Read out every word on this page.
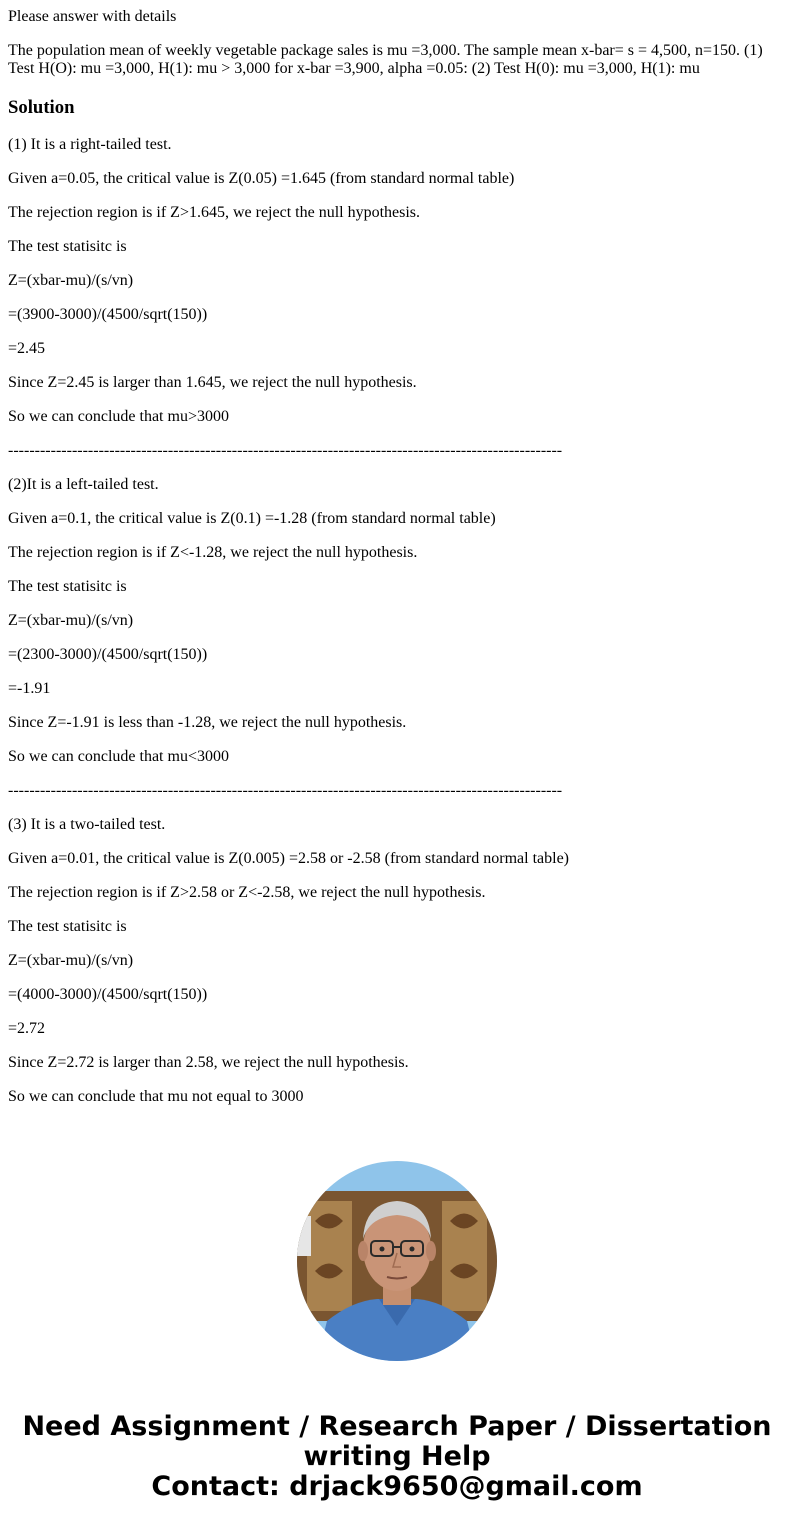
Please answer with details

The population mean of weekly vegetable package sales is mu =3,000. The sample mean x-bar= s = 4,500, n=150. (1) Test H(O): mu =3,000, H(1): mu > 3,000 for x-bar =3,900, alpha =0.05: (2) Test H(0): mu =3,000, H(1): mu

Solution

(1) It is a right-tailed test.

Given a=0.05, the critical value is Z(0.05) =1.645 (from standard normal table)

The rejection region is if Z>1.645, we reject the null hypothesis.

The test statisitc is

Z=(xbar-mu)/(s/vn)

=(3900-3000)/(4500/sqrt(150))

=2.45

Since Z=2.45 is larger than 1.645, we reject the null hypothesis.

So we can conclude that mu>3000

--------------------------------------------------------------------------------------------------------

(2)It is a left-tailed test.

Given a=0.1, the critical value is Z(0.1) =-1.28 (from standard normal table)

The rejection region is if Z<-1.28, we reject the null hypothesis.

The test statisitc is

Z=(xbar-mu)/(s/vn)

=(2300-3000)/(4500/sqrt(150))

=-1.91

Since Z=-1.91 is less than -1.28, we reject the null hypothesis.

So we can conclude that mu<3000

--------------------------------------------------------------------------------------------------------

(3) It is a two-tailed test.

Given a=0.01, the critical value is Z(0.005) =2.58 or -2.58 (from standard normal table)

The rejection region is if Z>2.58 or Z<-2.58, we reject the null hypothesis.

The test statisitc is

Z=(xbar-mu)/(s/vn)

=(4000-3000)/(4500/sqrt(150))

=2.72

Since Z=2.72 is larger than 2.58, we reject the null hypothesis.

So we can conclude that mu not equal to 3000

Need Assignment / Research Paper / Dissertation
writing Help
Contact: drjack9650@gmail.com
